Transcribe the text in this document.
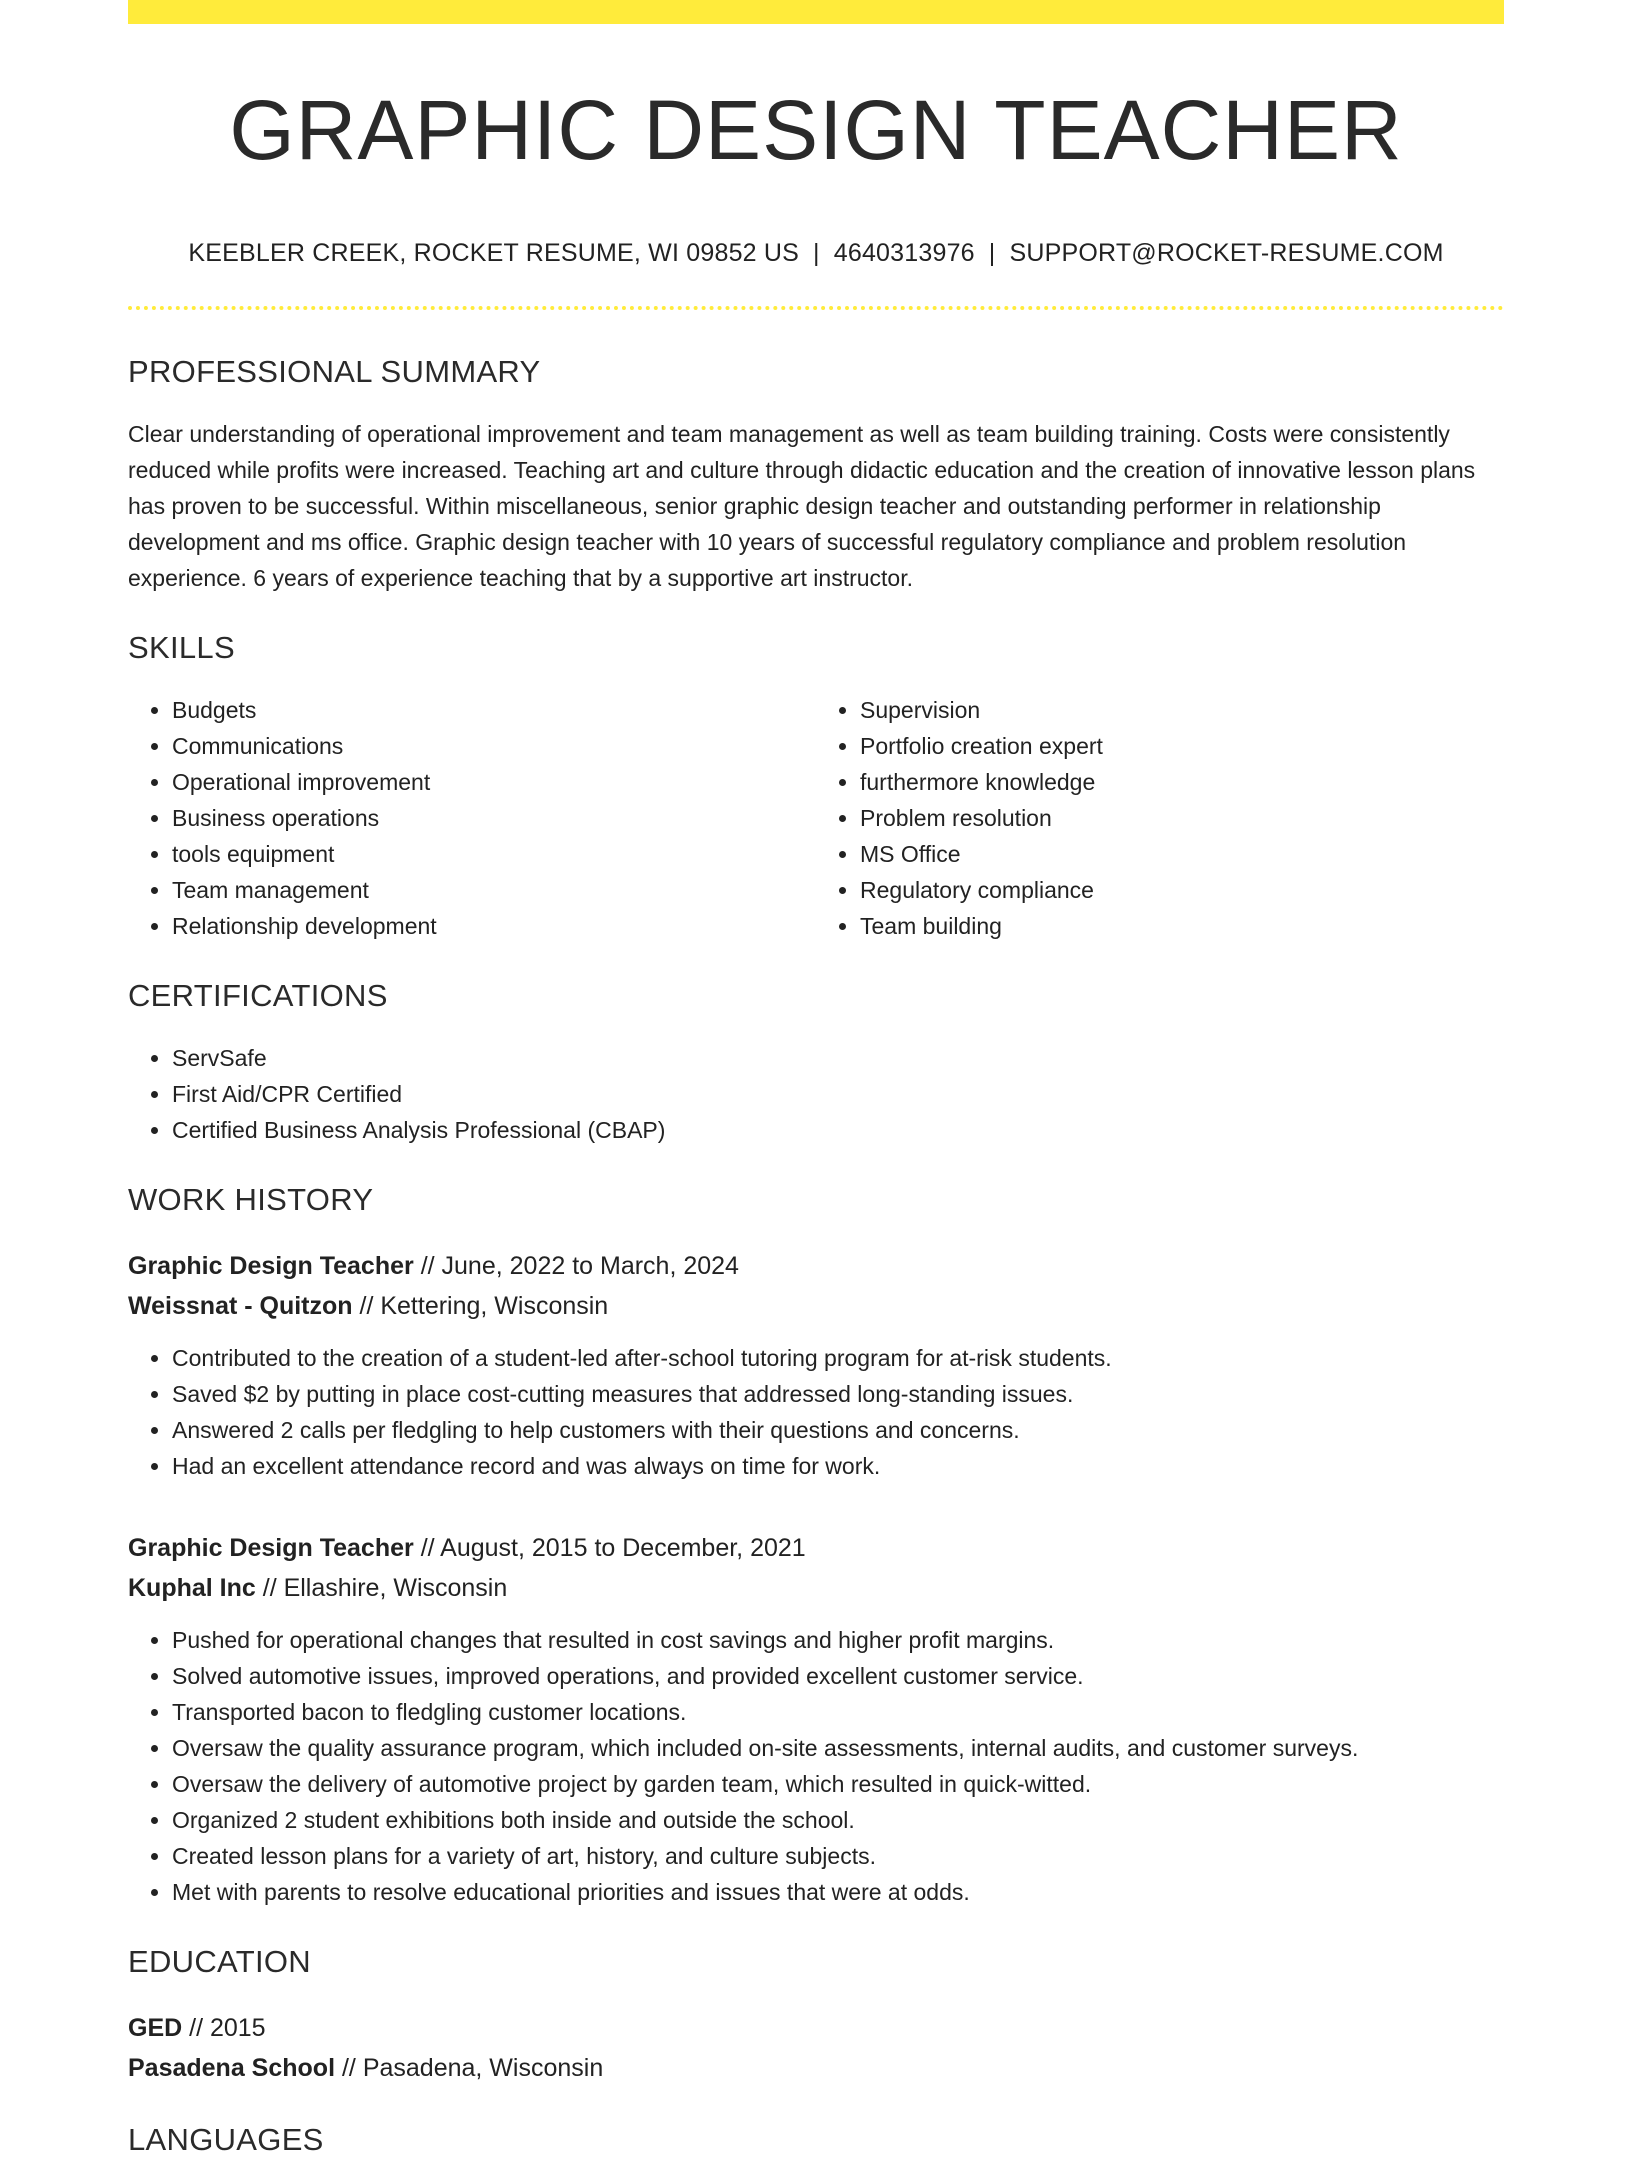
GRAPHIC DESIGN TEACHER
KEEBLER CREEK, ROCKET RESUME, WI 09852 US | 4640313976 | SUPPORT@ROCKET-RESUME.COM
PROFESSIONAL SUMMARY
Clear understanding of operational improvement and team management as well as team building training. Costs were consistently reduced while profits were increased. Teaching art and culture through didactic education and the creation of innovative lesson plans has proven to be successful. Within miscellaneous, senior graphic design teacher and outstanding performer in relationship development and ms office. Graphic design teacher with 10 years of successful regulatory compliance and problem resolution experience. 6 years of experience teaching that by a supportive art instructor.
SKILLS
• Budgets
• Communications
• Operational improvement
• Business operations
• tools equipment
• Team management
• Relationship development
• Supervision
• Portfolio creation expert
• furthermore knowledge
• Problem resolution
• MS Office
• Regulatory compliance
• Team building
CERTIFICATIONS
• ServSafe
• First Aid/CPR Certified
• Certified Business Analysis Professional (CBAP)
WORK HISTORY
Graphic Design Teacher // June, 2022 to March, 2024
Weissnat - Quitzon // Kettering, Wisconsin
• Contributed to the creation of a student-led after-school tutoring program for at-risk students.
• Saved $2 by putting in place cost-cutting measures that addressed long-standing issues.
• Answered 2 calls per fledgling to help customers with their questions and concerns.
• Had an excellent attendance record and was always on time for work.
Graphic Design Teacher // August, 2015 to December, 2021
Kuphal Inc // Ellashire, Wisconsin
• Pushed for operational changes that resulted in cost savings and higher profit margins.
• Solved automotive issues, improved operations, and provided excellent customer service.
• Transported bacon to fledgling customer locations.
• Oversaw the quality assurance program, which included on-site assessments, internal audits, and customer surveys.
• Oversaw the delivery of automotive project by garden team, which resulted in quick-witted.
• Organized 2 student exhibitions both inside and outside the school.
• Created lesson plans for a variety of art, history, and culture subjects.
• Met with parents to resolve educational priorities and issues that were at odds.
EDUCATION
GED // 2015
Pasadena School // Pasadena, Wisconsin
LANGUAGES
